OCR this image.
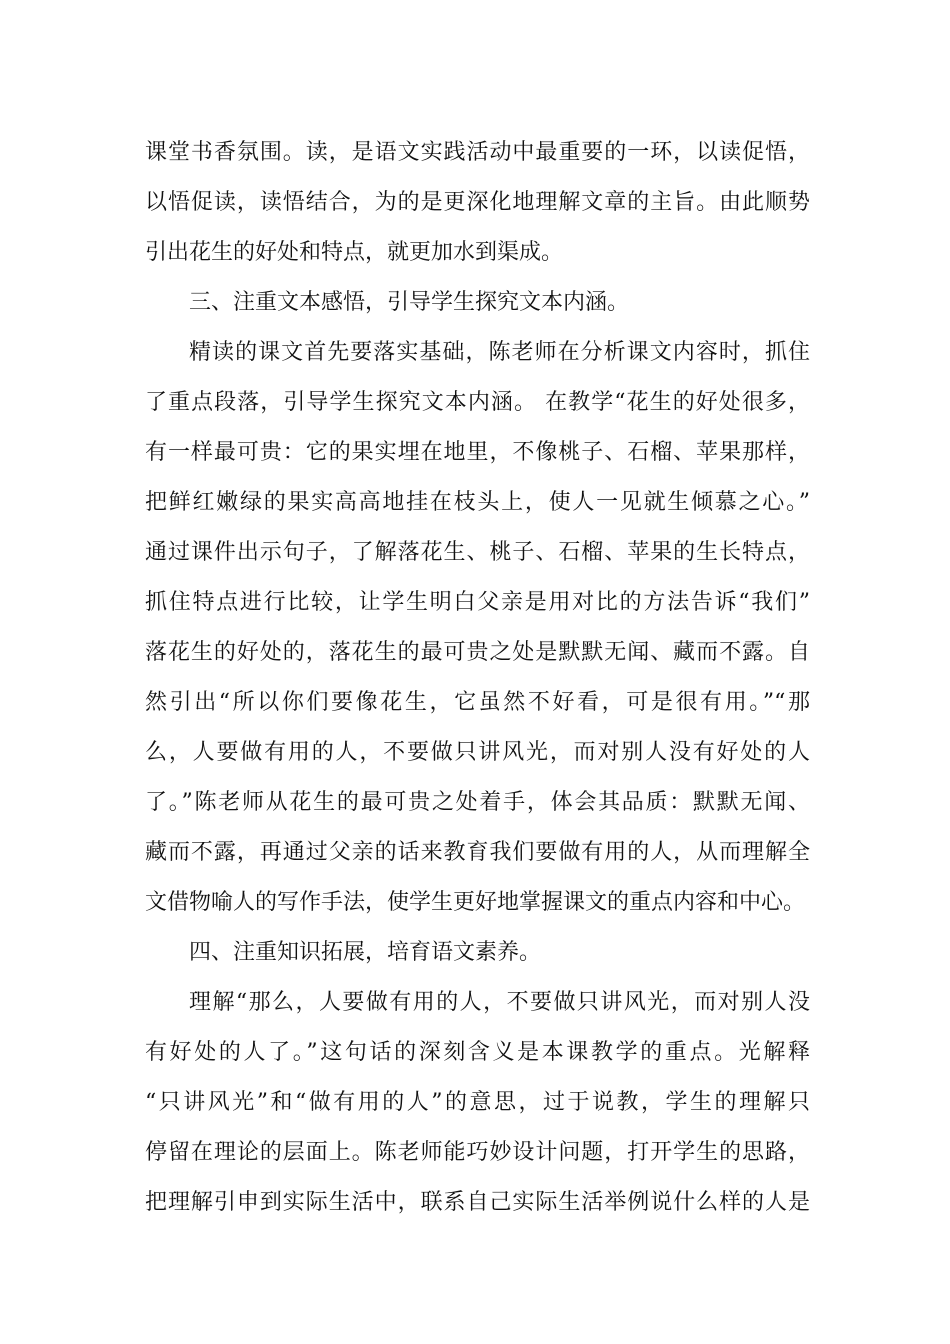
课堂书香氛围。读，是语文实践活动中最重要的一环，以读促悟，
以悟促读，读悟结合，为的是更深化地理解文章的主旨。由此顺势
引出花生的好处和特点，就更加水到渠成。
三、注重文本感悟，引导学生探究文本内涵。
精读的课文首先要落实基础，陈老师在分析课文内容时，抓住
了重点段落，引导学生探究文本内涵。 在教学“花生的好处很多，
有一样最可贵：它的果实埋在地里，不像桃子、石榴、苹果那样，
把鲜红嫩绿的果实高高地挂在枝头上，使人一见就生倾慕之心。”
通过课件出示句子，了解落花生、桃子、石榴、苹果的生长特点，
抓住特点进行比较，让学生明白父亲是用对比的方法告诉“我们”
落花生的好处的，落花生的最可贵之处是默默无闻、藏而不露。自
然引出“所以你们要像花生，它虽然不好看，可是很有用。”“那
么，人要做有用的人，不要做只讲风光，而对别人没有好处的人
了。”陈老师从花生的最可贵之处着手，体会其品质：默默无闻、
藏而不露，再通过父亲的话来教育我们要做有用的人，从而理解全
文借物喻人的写作手法，使学生更好地掌握课文的重点内容和中心。
四、注重知识拓展，培育语文素养。
理解“那么，人要做有用的人，不要做只讲风光，而对别人没
有好处的人了。”这句话的深刻含义是本课教学的重点。光解释
“只讲风光”和“做有用的人”的意思，过于说教，学生的理解只
停留在理论的层面上。陈老师能巧妙设计问题，打开学生的思路，
把理解引申到实际生活中，联系自己实际生活举例说什么样的人是
